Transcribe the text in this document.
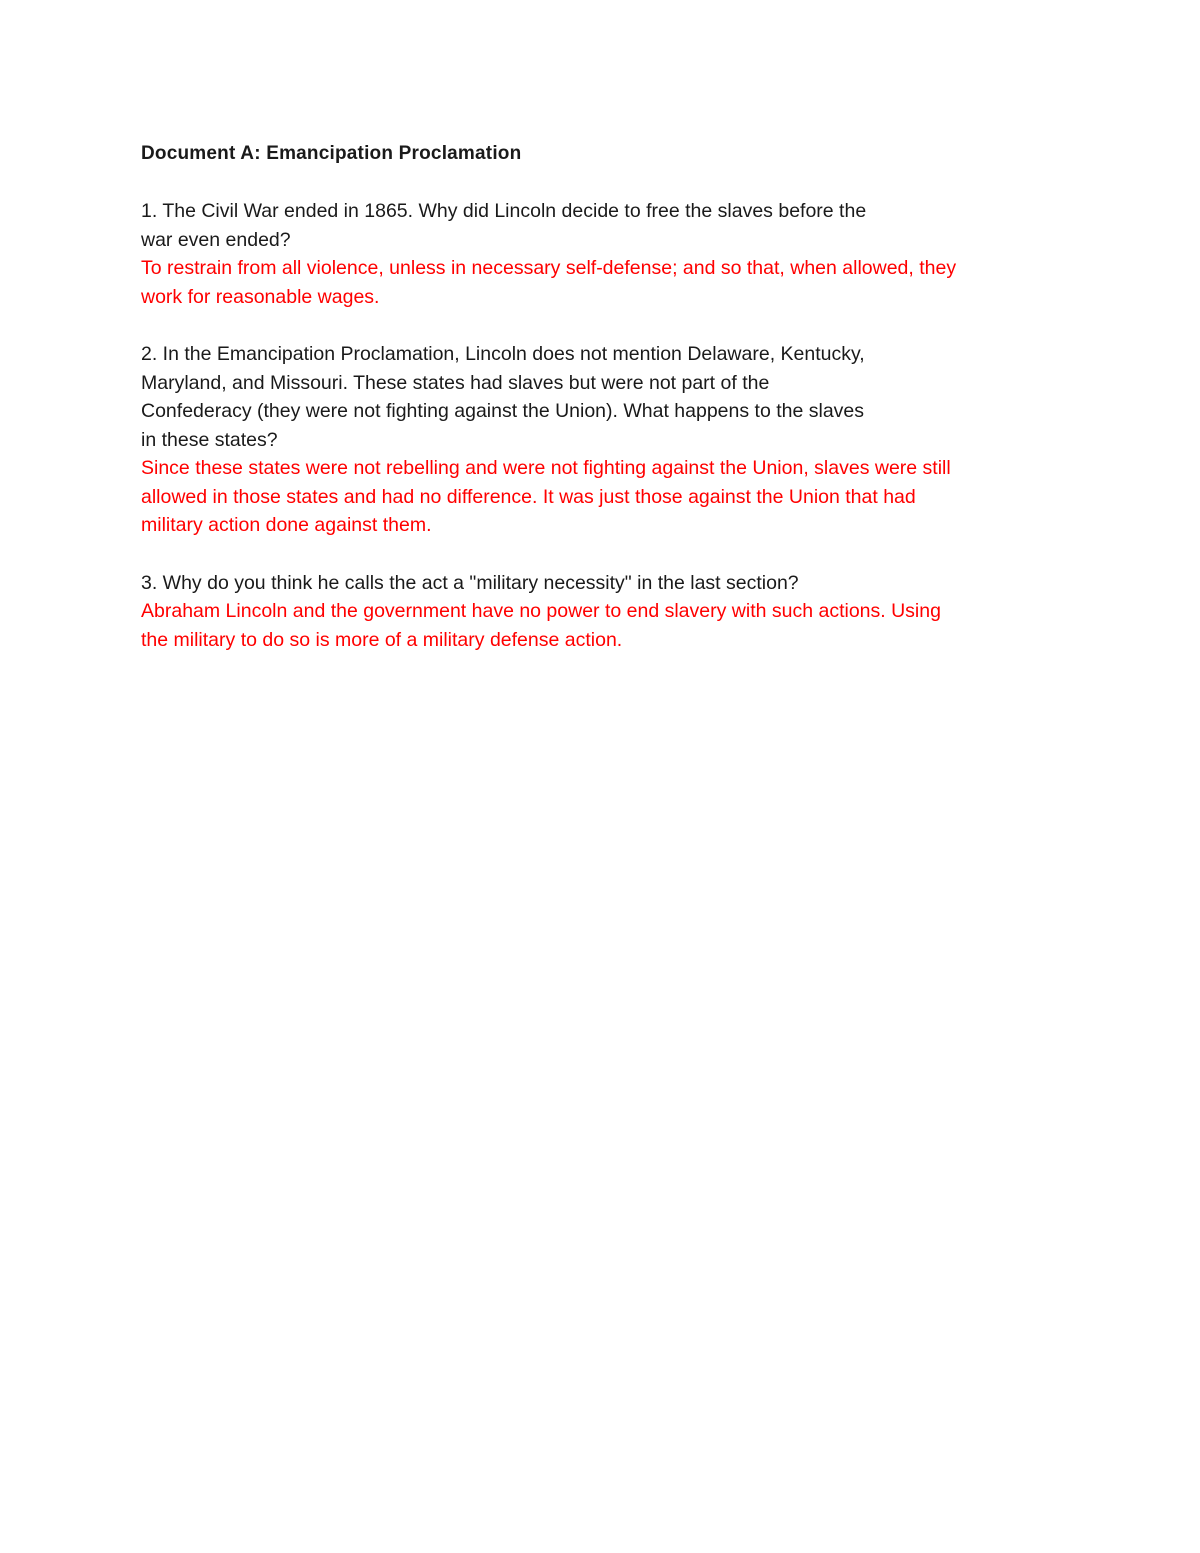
Document A: Emancipation Proclamation
1. The Civil War ended in 1865. Why did Lincoln decide to free the slaves before the
war even ended?
To restrain from all violence, unless in necessary self-defense; and so that, when allowed, they
work for reasonable wages.
2. In the Emancipation Proclamation, Lincoln does not mention Delaware, Kentucky,
Maryland, and Missouri. These states had slaves but were not part of the
Confederacy (they were not fighting against the Union). What happens to the slaves
in these states?
Since these states were not rebelling and were not fighting against the Union, slaves were still
allowed in those states and had no difference. It was just those against the Union that had
military action done against them.
3. Why do you think he calls the act a "military necessity" in the last section?
Abraham Lincoln and the government have no power to end slavery with such actions. Using
the military to do so is more of a military defense action.
